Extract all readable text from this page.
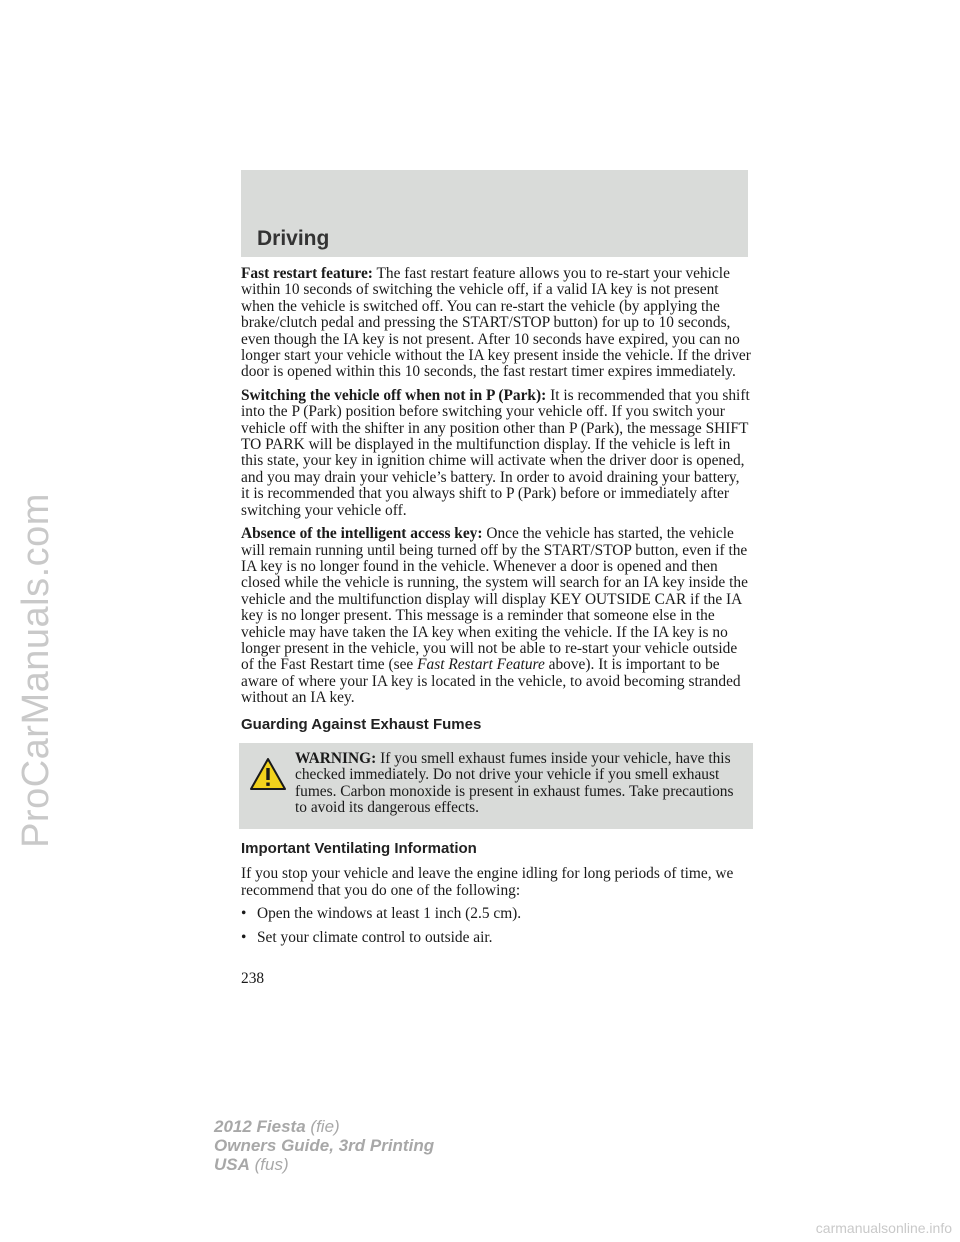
ProCarManuals.com
Driving

Fast restart feature: The fast restart feature allows you to re-start your vehicle within 10 seconds of switching the vehicle off, if a valid IA key is not present when the vehicle is switched off. You can re-start the vehicle (by applying the brake/clutch pedal and pressing the START/STOP button) for up to 10 seconds, even though the IA key is not present. After 10 seconds have expired, you can no longer start your vehicle without the IA key present inside the vehicle. If the driver door is opened within this 10 seconds, the fast restart timer expires immediately.

Switching the vehicle off when not in P (Park): It is recommended that you shift into the P (Park) position before switching your vehicle off. If you switch your vehicle off with the shifter in any position other than P (Park), the message SHIFT TO PARK will be displayed in the multifunction display. If the vehicle is left in this state, your key in ignition chime will activate when the driver door is opened, and you may drain your vehicle’s battery. In order to avoid draining your battery, it is recommended that you always shift to P (Park) before or immediately after switching your vehicle off.

Absence of the intelligent access key: Once the vehicle has started, the vehicle will remain running until being turned off by the START/STOP button, even if the IA key is no longer found in the vehicle. Whenever a door is opened and then closed while the vehicle is running, the system will search for an IA key inside the vehicle and the multifunction display will display KEY OUTSIDE CAR if the IA key is no longer present. This message is a reminder that someone else in the vehicle may have taken the IA key when exiting the vehicle. If the IA key is no longer present in the vehicle, you will not be able to re-start your vehicle outside of the Fast Restart time (see Fast Restart Feature above). It is important to be aware of where your IA key is located in the vehicle, to avoid becoming stranded without an IA key.

Guarding Against Exhaust Fumes
WARNING: If you smell exhaust fumes inside your vehicle, have this checked immediately. Do not drive your vehicle if you smell exhaust fumes. Carbon monoxide is present in exhaust fumes. Take precautions to avoid its dangerous effects.
Important Ventilating Information

If you stop your vehicle and leave the engine idling for long periods of time, we recommend that you do one of the following:

• Open the windows at least 1 inch (2.5 cm).
• Set your climate control to outside air.
238
2012 Fiesta (fie)
Owners Guide, 3rd Printing
USA (fus)
carmanualsonline.info
